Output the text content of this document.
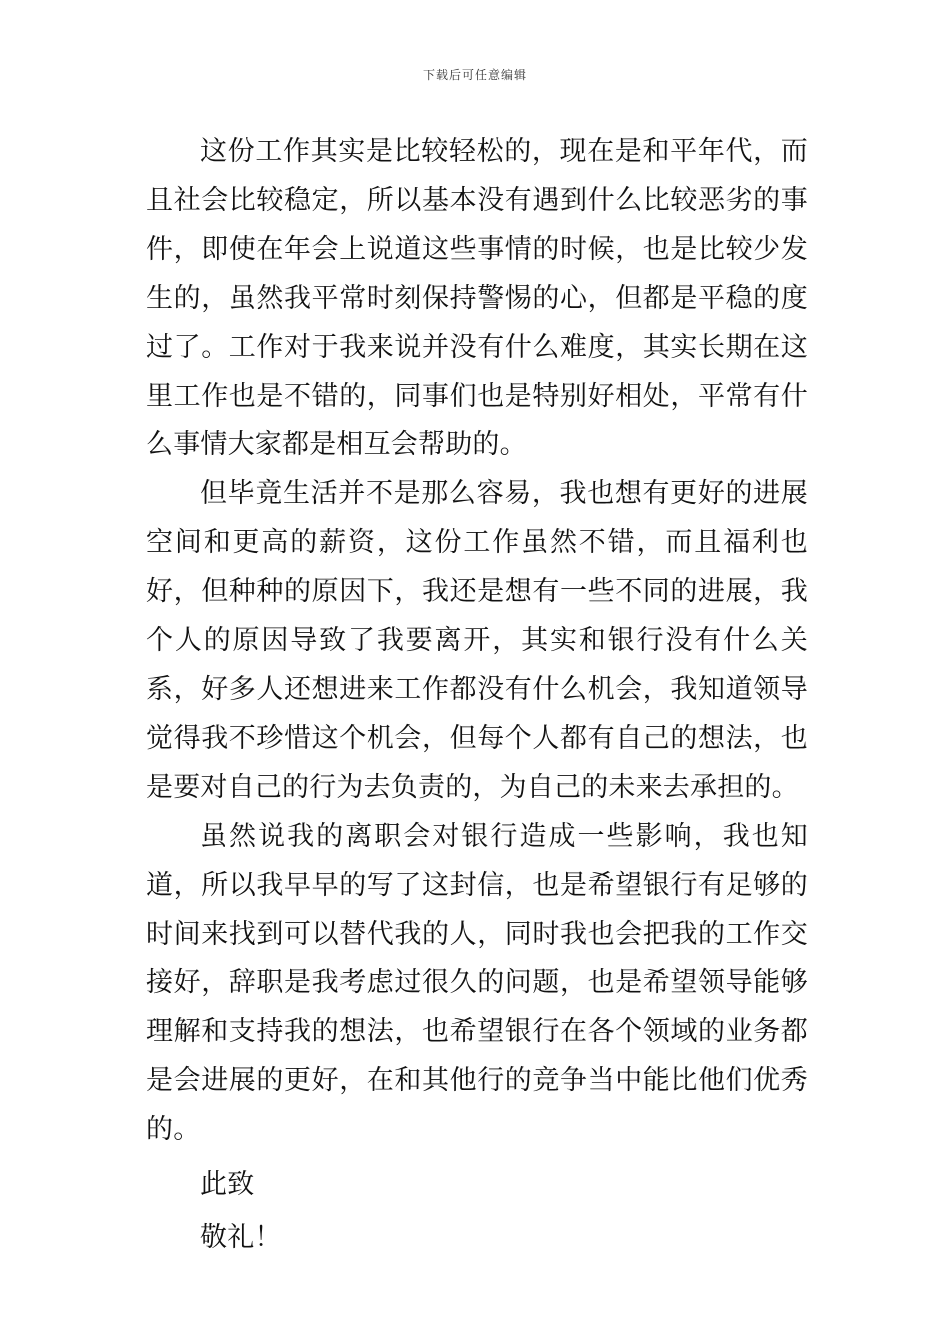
下载后可任意编辑

这份工作其实是比较轻松的，现在是和平年代，而且社会比较稳定，所以基本没有遇到什么比较恶劣的事件，即使在年会上说道这些事情的时候，也是比较少发生的，虽然我平常时刻保持警惕的心，但都是平稳的度过了。工作对于我来说并没有什么难度，其实长期在这里工作也是不错的，同事们也是特别好相处，平常有什么事情大家都是相互会帮助的。

但毕竟生活并不是那么容易，我也想有更好的进展空间和更高的薪资，这份工作虽然不错，而且福利也好，但种种的原因下，我还是想有一些不同的进展，我个人的原因导致了我要离开，其实和银行没有什么关系，好多人还想进来工作都没有什么机会，我知道领导觉得我不珍惜这个机会，但每个人都有自己的想法，也是要对自己的行为去负责的，为自己的未来去承担的。

虽然说我的离职会对银行造成一些影响，我也知道，所以我早早的写了这封信，也是希望银行有足够的时间来找到可以替代我的人，同时我也会把我的工作交接好，辞职是我考虑过很久的问题，也是希望领导能够理解和支持我的想法，也希望银行在各个领域的业务都是会进展的更好，在和其他行的竞争当中能比他们优秀的。

此致

敬礼！
